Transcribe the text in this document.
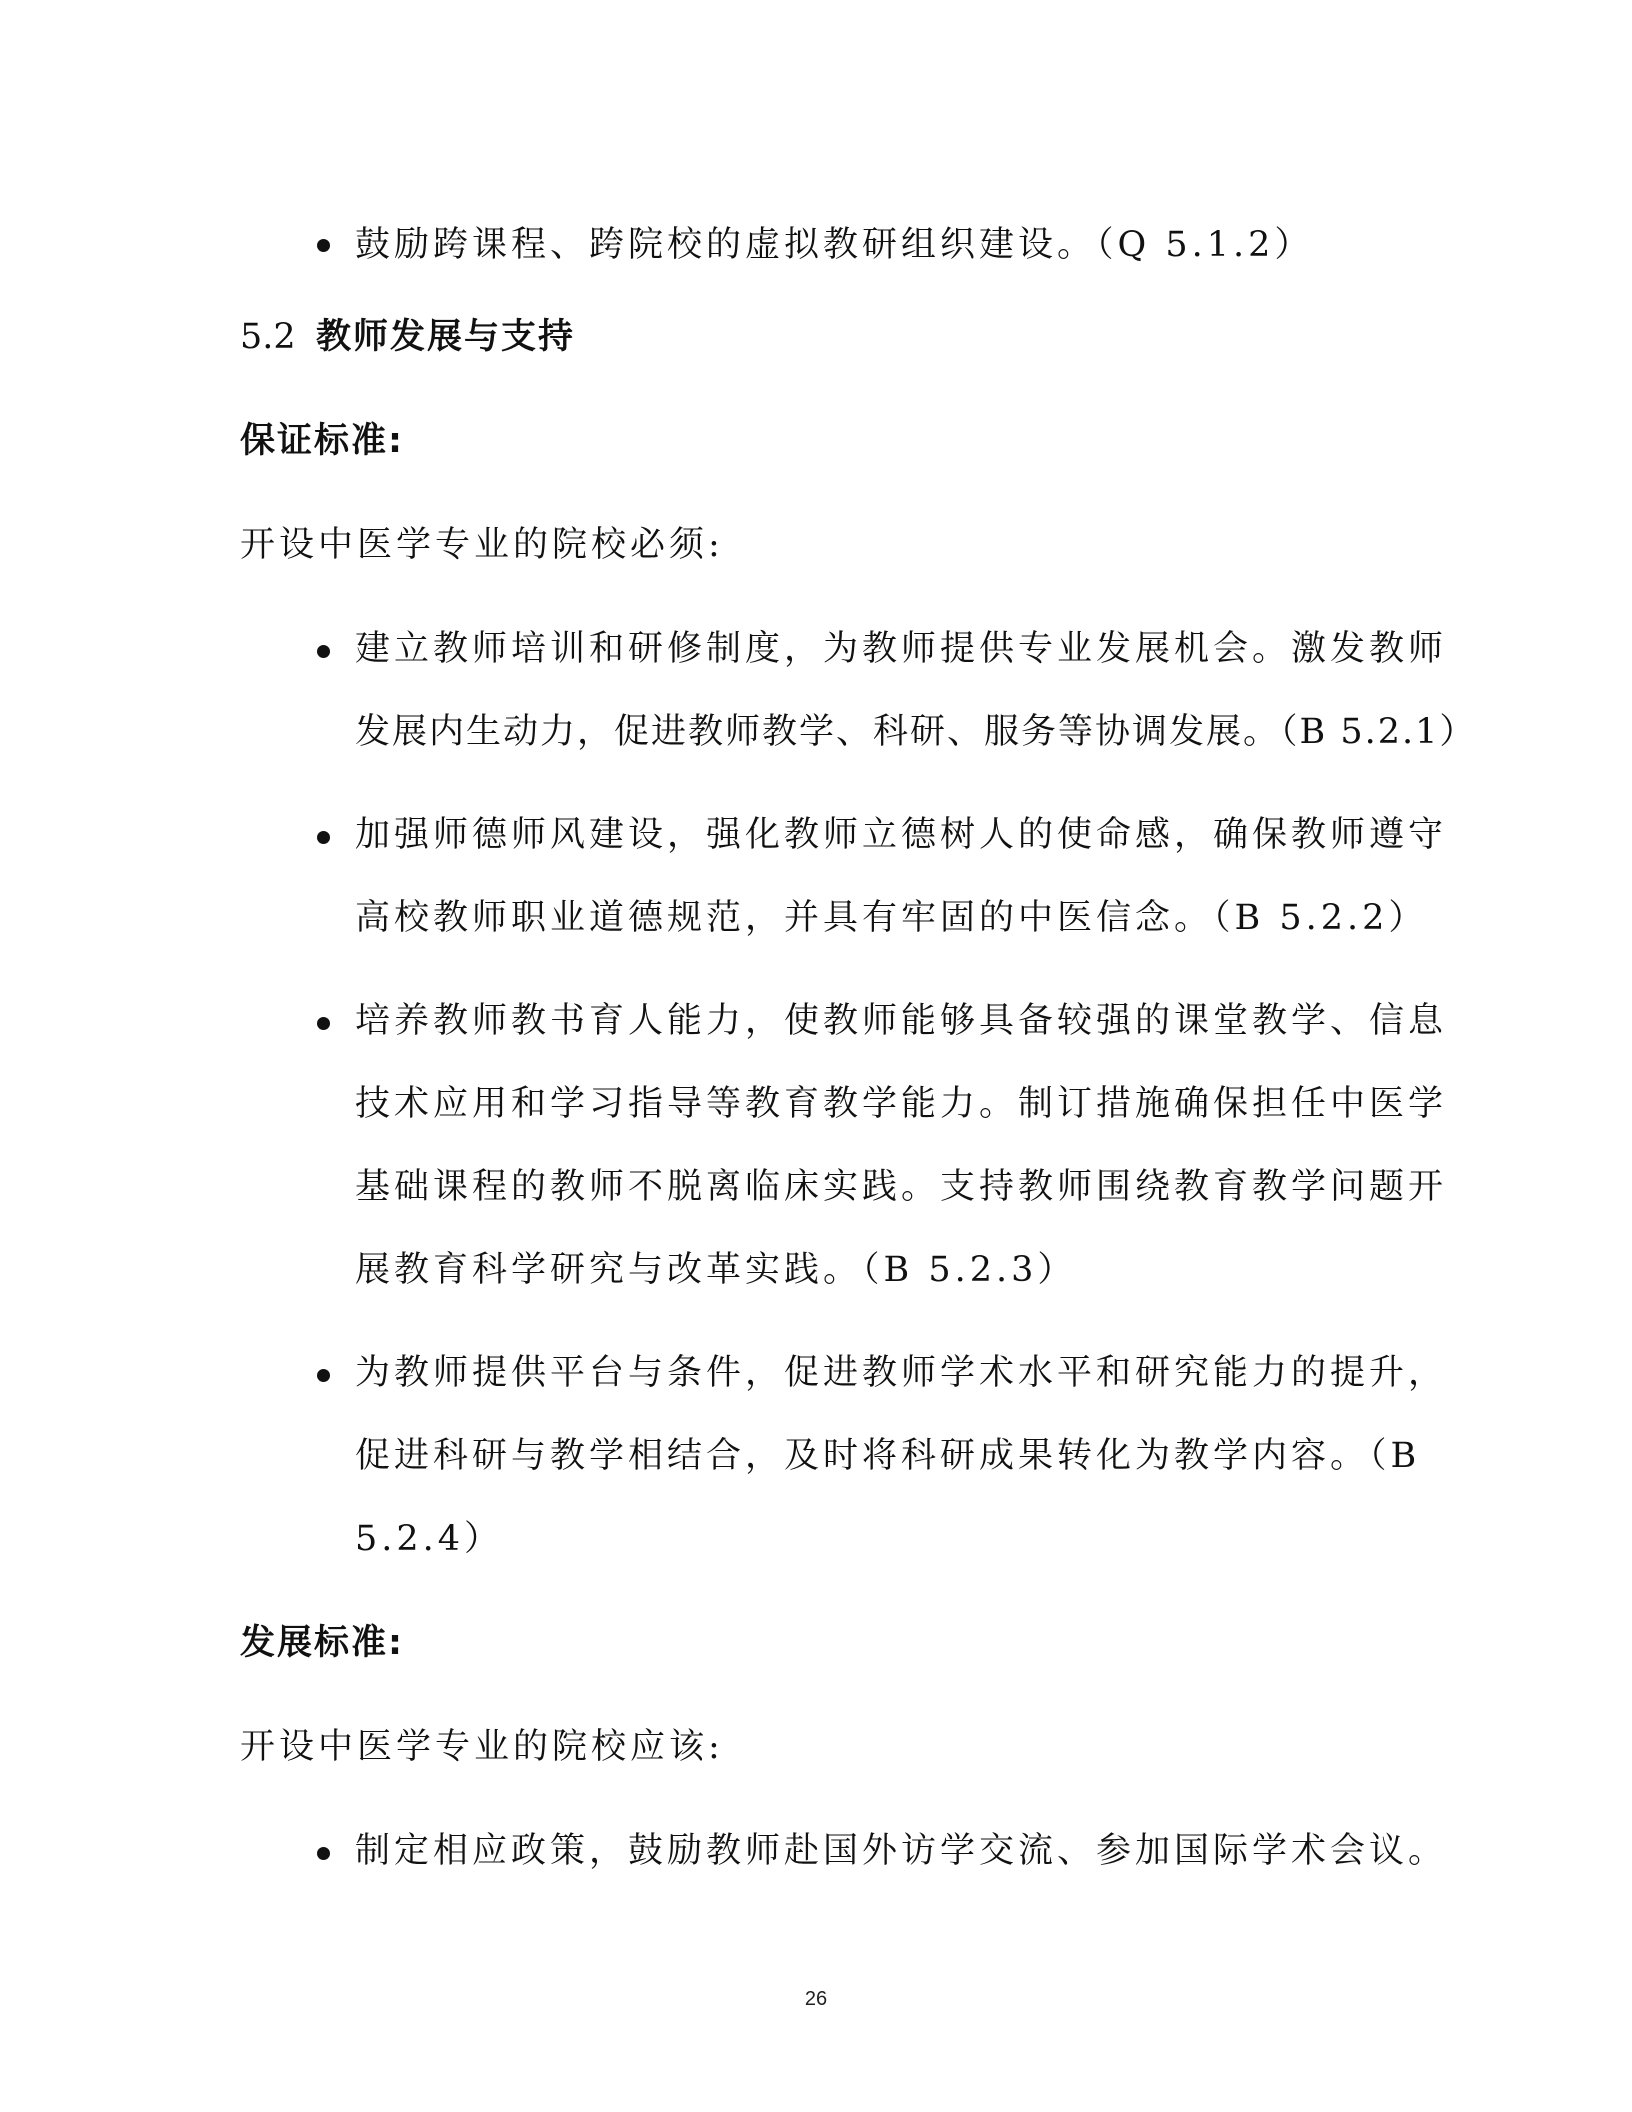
鼓励跨课程、跨院校的虚拟教研组织建设。（Q 5.1.2）
5.2 教师发展与支持
保证标准:
开设中医学专业的院校必须:
建立教师培训和研修制度，为教师提供专业发展机会。激发教师
发展内生动力，促进教师教学、科研、服务等协调发展。（B 5.2.1）
加强师德师风建设，强化教师立德树人的使命感，确保教师遵守
高校教师职业道德规范，并具有牢固的中医信念。（B 5.2.2）
培养教师教书育人能力，使教师能够具备较强的课堂教学、信息
技术应用和学习指导等教育教学能力。制订措施确保担任中医学
基础课程的教师不脱离临床实践。支持教师围绕教育教学问题开
展教育科学研究与改革实践。（B 5.2.3）
为教师提供平台与条件，促进教师学术水平和研究能力的提升，
促进科研与教学相结合，及时将科研成果转化为教学内容。（B
5.2.4）
发展标准:
开设中医学专业的院校应该:
制定相应政策，鼓励教师赴国外访学交流、参加国际学术会议。
26
